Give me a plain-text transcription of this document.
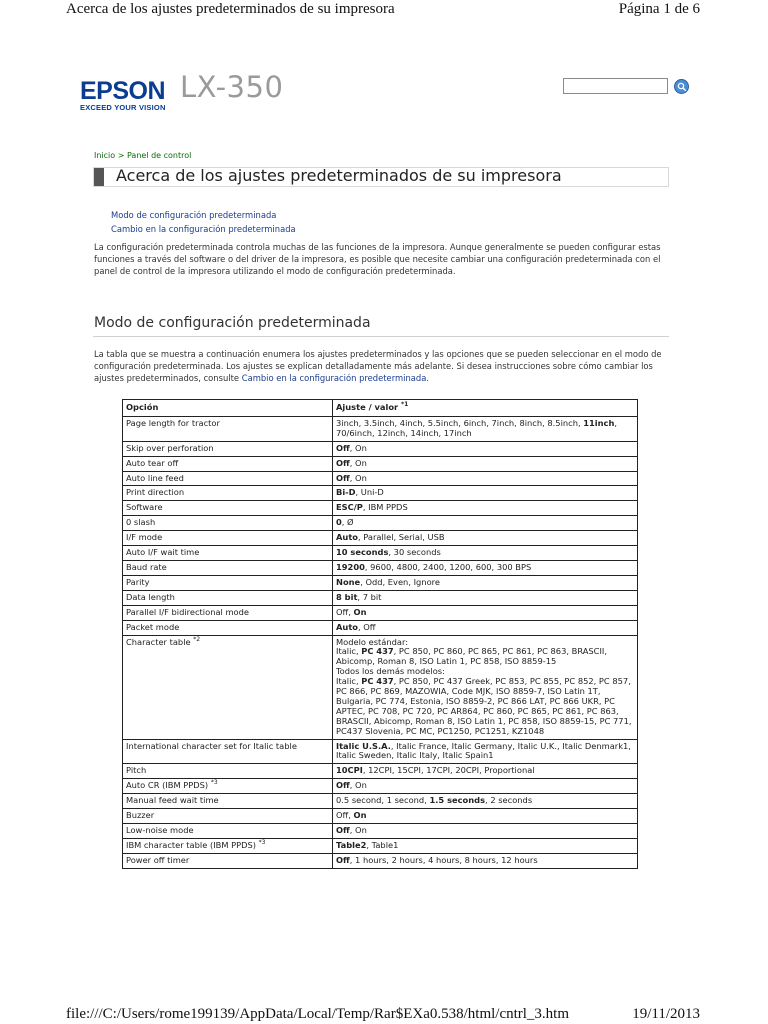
Acerca de los ajustes predeterminados de su impresora	Página 1 de 6
EPSON
EXCEED YOUR VISION
LX-350
Inicio > Panel de control
Acerca de los ajustes predeterminados de su impresora
Modo de configuración predeterminada
Cambio en la configuración predeterminada
La configuración predeterminada controla muchas de las funciones de la impresora. Aunque generalmente se pueden configurar estas funciones a través del software o del driver de la impresora, es posible que necesite cambiar una configuración predeterminada con el panel de control de la impresora utilizando el modo de configuración predeterminada.
Modo de configuración predeterminada
La tabla que se muestra a continuación enumera los ajustes predeterminados y las opciones que se pueden seleccionar en el modo de configuración predeterminada. Los ajustes se explican detalladamente más adelante. Si desea instrucciones sobre cómo cambiar los ajustes predeterminados, consulte Cambio en la configuración predeterminada.
Opción	Ajuste / valor $^{*1}$
Page length for tractor	3inch, 3.5inch, 4inch, 5.5inch, 6inch, 7inch, 8inch, 8.5inch, 11inch, 70/6inch, 12inch, 14inch, 17inch
Skip over perforation	Off, On
Auto tear off	Off, On
Auto line feed	Off, On
Print direction	Bi-D, Uni-D
Software	ESC/P, IBM PPDS
0 slash	0, Ø
I/F mode	Auto, Parallel, Serial, USB
Auto I/F wait time	10 seconds, 30 seconds
Baud rate	19200, 9600, 4800, 2400, 1200, 600, 300 BPS
Parity	None, Odd, Even, Ignore
Data length	8 bit, 7 bit
Parallel I/F bidirectional mode	Off, On
Packet mode	Auto, Off
Character table $^{*2}$	Modelo estándar:
Italic, PC 437, PC 850, PC 860, PC 865, PC 861, PC 863, BRASCII, Abicomp, Roman 8, ISO Latin 1, PC 858, ISO 8859-15
Todos los demás modelos:
Italic, PC 437, PC 850, PC 437 Greek, PC 853, PC 855, PC 852, PC 857, PC 866, PC 869, MAZOWIA, Code MJK, ISO 8859-7, ISO Latin 1T, Bulgaria, PC 774, Estonia, ISO 8859-2, PC 866 LAT, PC 866 UKR, PC APTEC, PC 708, PC 720, PC AR864, PC 860, PC 865, PC 861, PC 863, BRASCII, Abicomp, Roman 8, ISO Latin 1, PC 858, ISO 8859-15, PC 771, PC437 Slovenia, PC MC, PC1250, PC1251, KZ1048

International character set for Italic table	Italic U.S.A., Italic France, Italic Germany, Italic U.K., Italic Denmark1, Italic Sweden, Italic Italy, Italic Spain1
Pitch	10CPI, 12CPI, 15CPI, 17CPI, 20CPI, Proportional
Auto CR (IBM PPDS) $^{*3}$	Off, On
Manual feed wait time	0.5 second, 1 second, 1.5 seconds, 2 seconds
Buzzer	Off, On
Low-noise mode	Off, On
IBM character table (IBM PPDS) $^{*3}$	Table2, Table1
Power off timer	Off, 1 hours, 2 hours, 4 hours, 8 hours, 12 hours
file:///C:/Users/rome199139/AppData/Local/Temp/Rar$EXa0.538/html/cntrl_3.htm	19/11/2013
